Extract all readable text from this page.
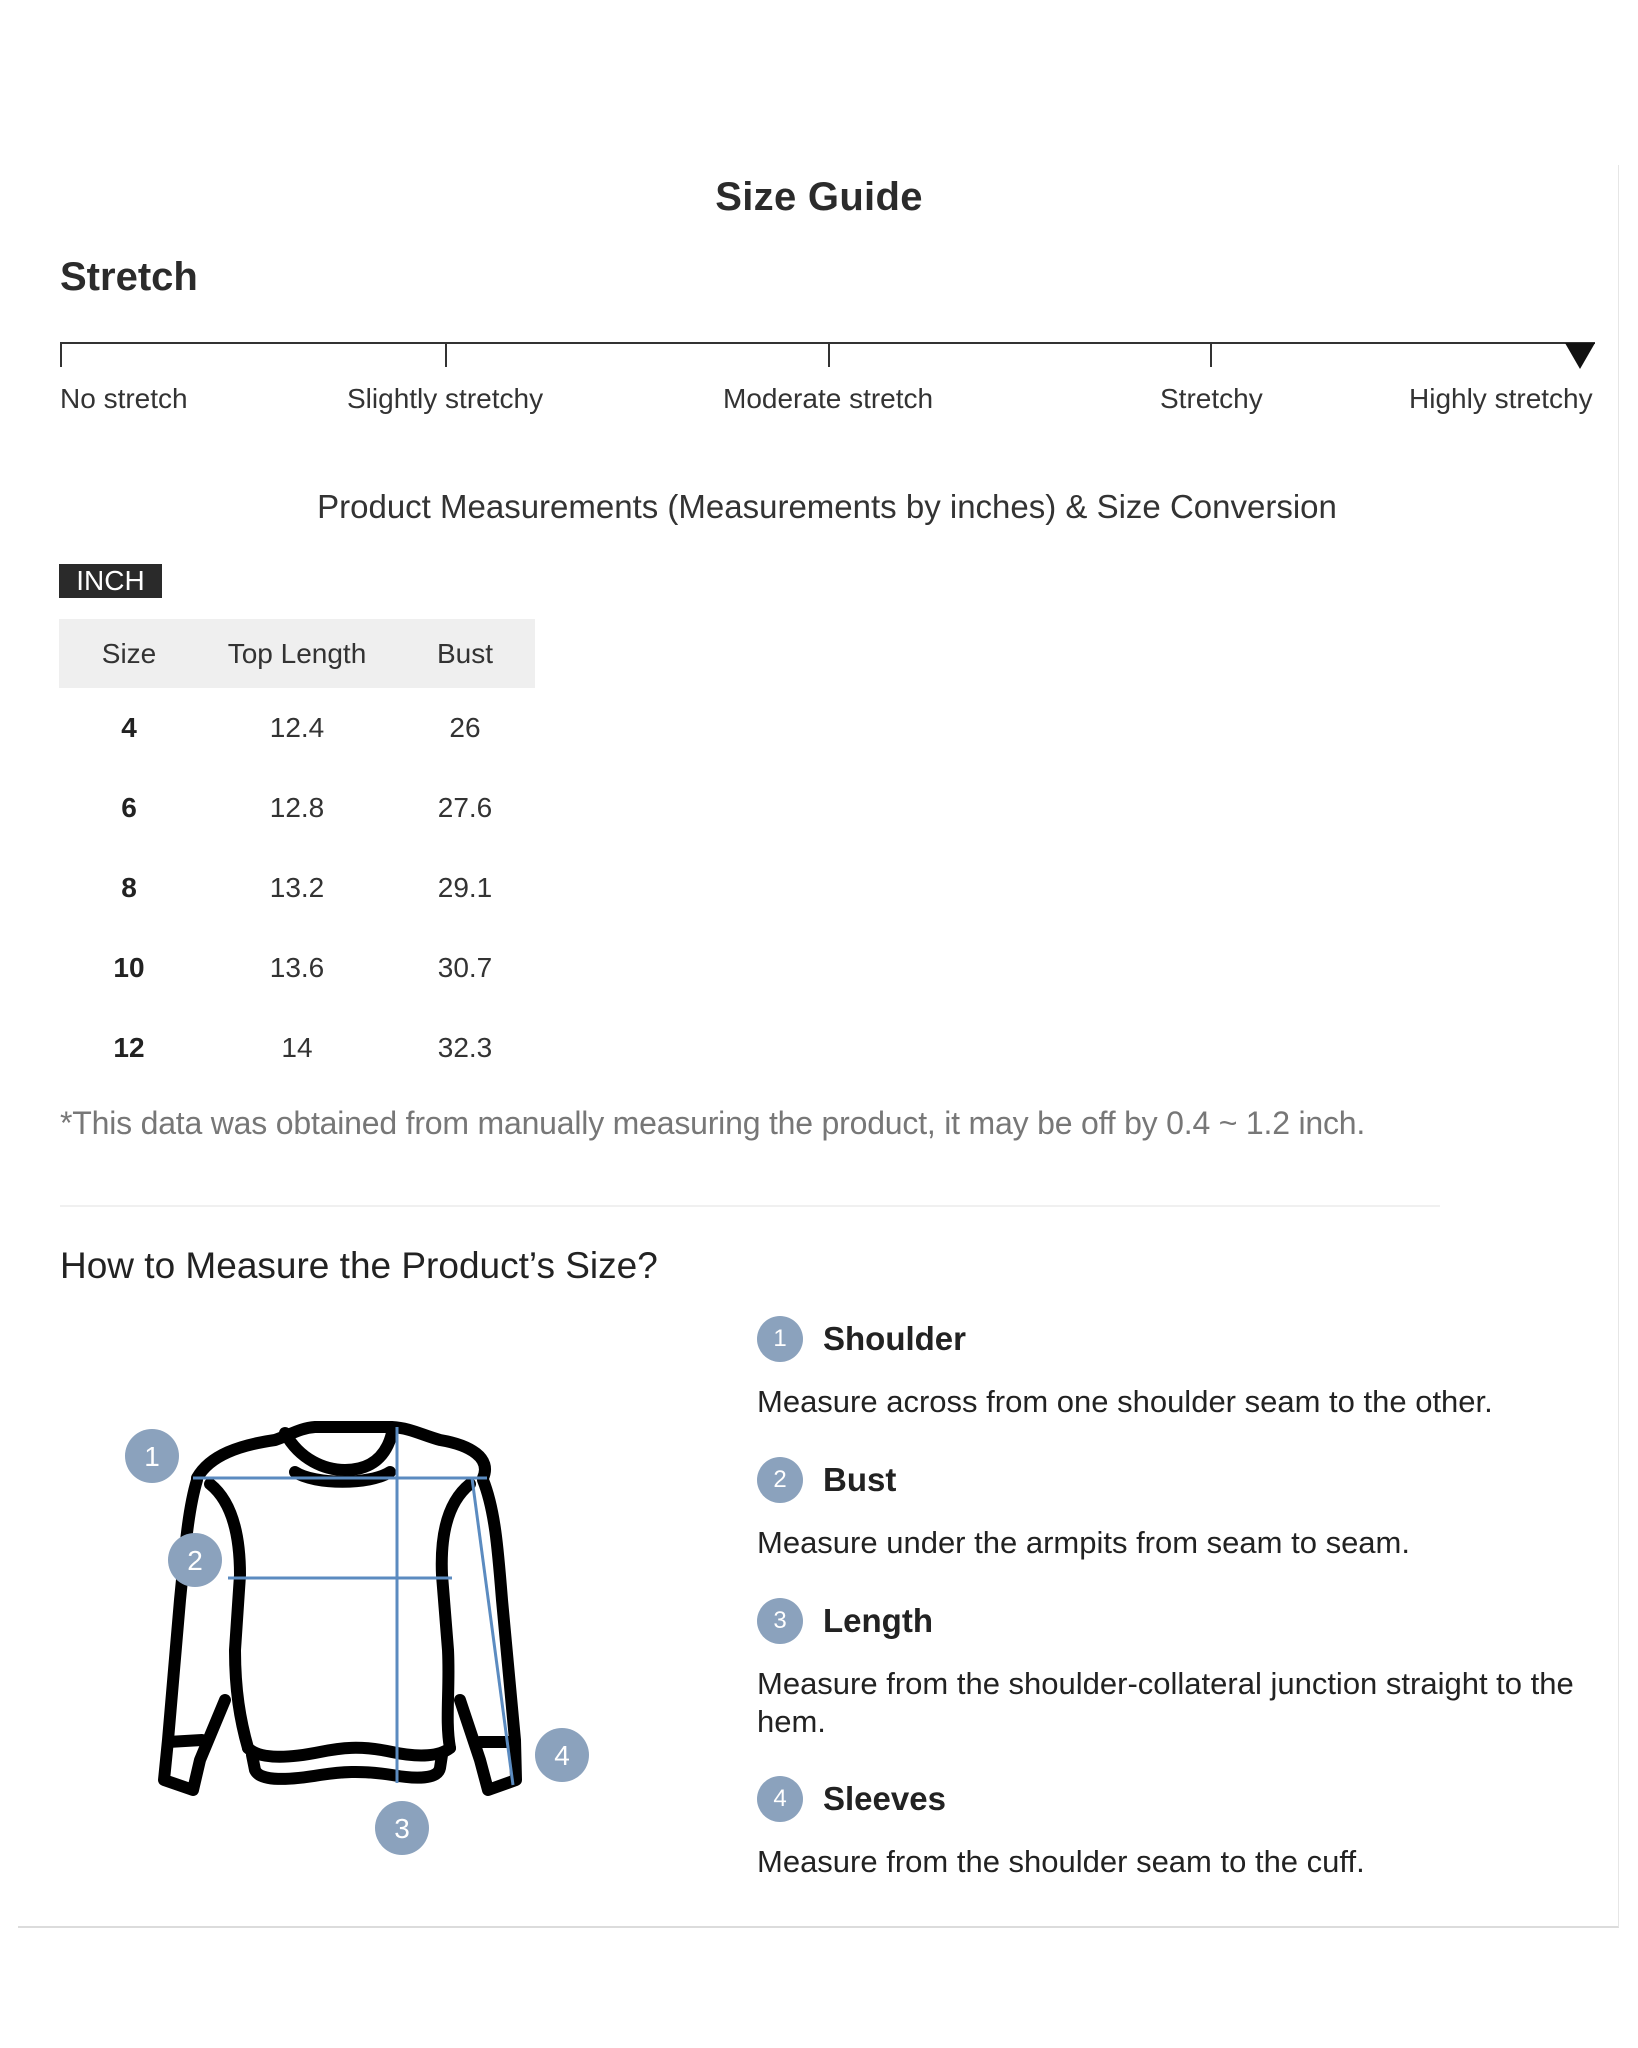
Size Guide
Stretch
No stretch	Slightly stretchy	Moderate stretch	Stretchy	Highly stretchy
Product Measurements (Measurements by inches) & Size Conversion
INCH
Size	Top Length	Bust
4	12.4	26
6	12.8	27.6
8	13.2	29.1
10	13.6	30.7
12	14	32.3
*This data was obtained from manually measuring the product, it may be off by 0.4 ~ 1.2 inch.
How to Measure the Product’s Size?
1
2
3
4
1	Shoulder
Measure across from one shoulder seam to the other.
2	Bust
Measure under the armpits from seam to seam.
3	Length
Measure from the shoulder-collateral junction straight to the hem.
4	Sleeves
Measure from the shoulder seam to the cuff.
